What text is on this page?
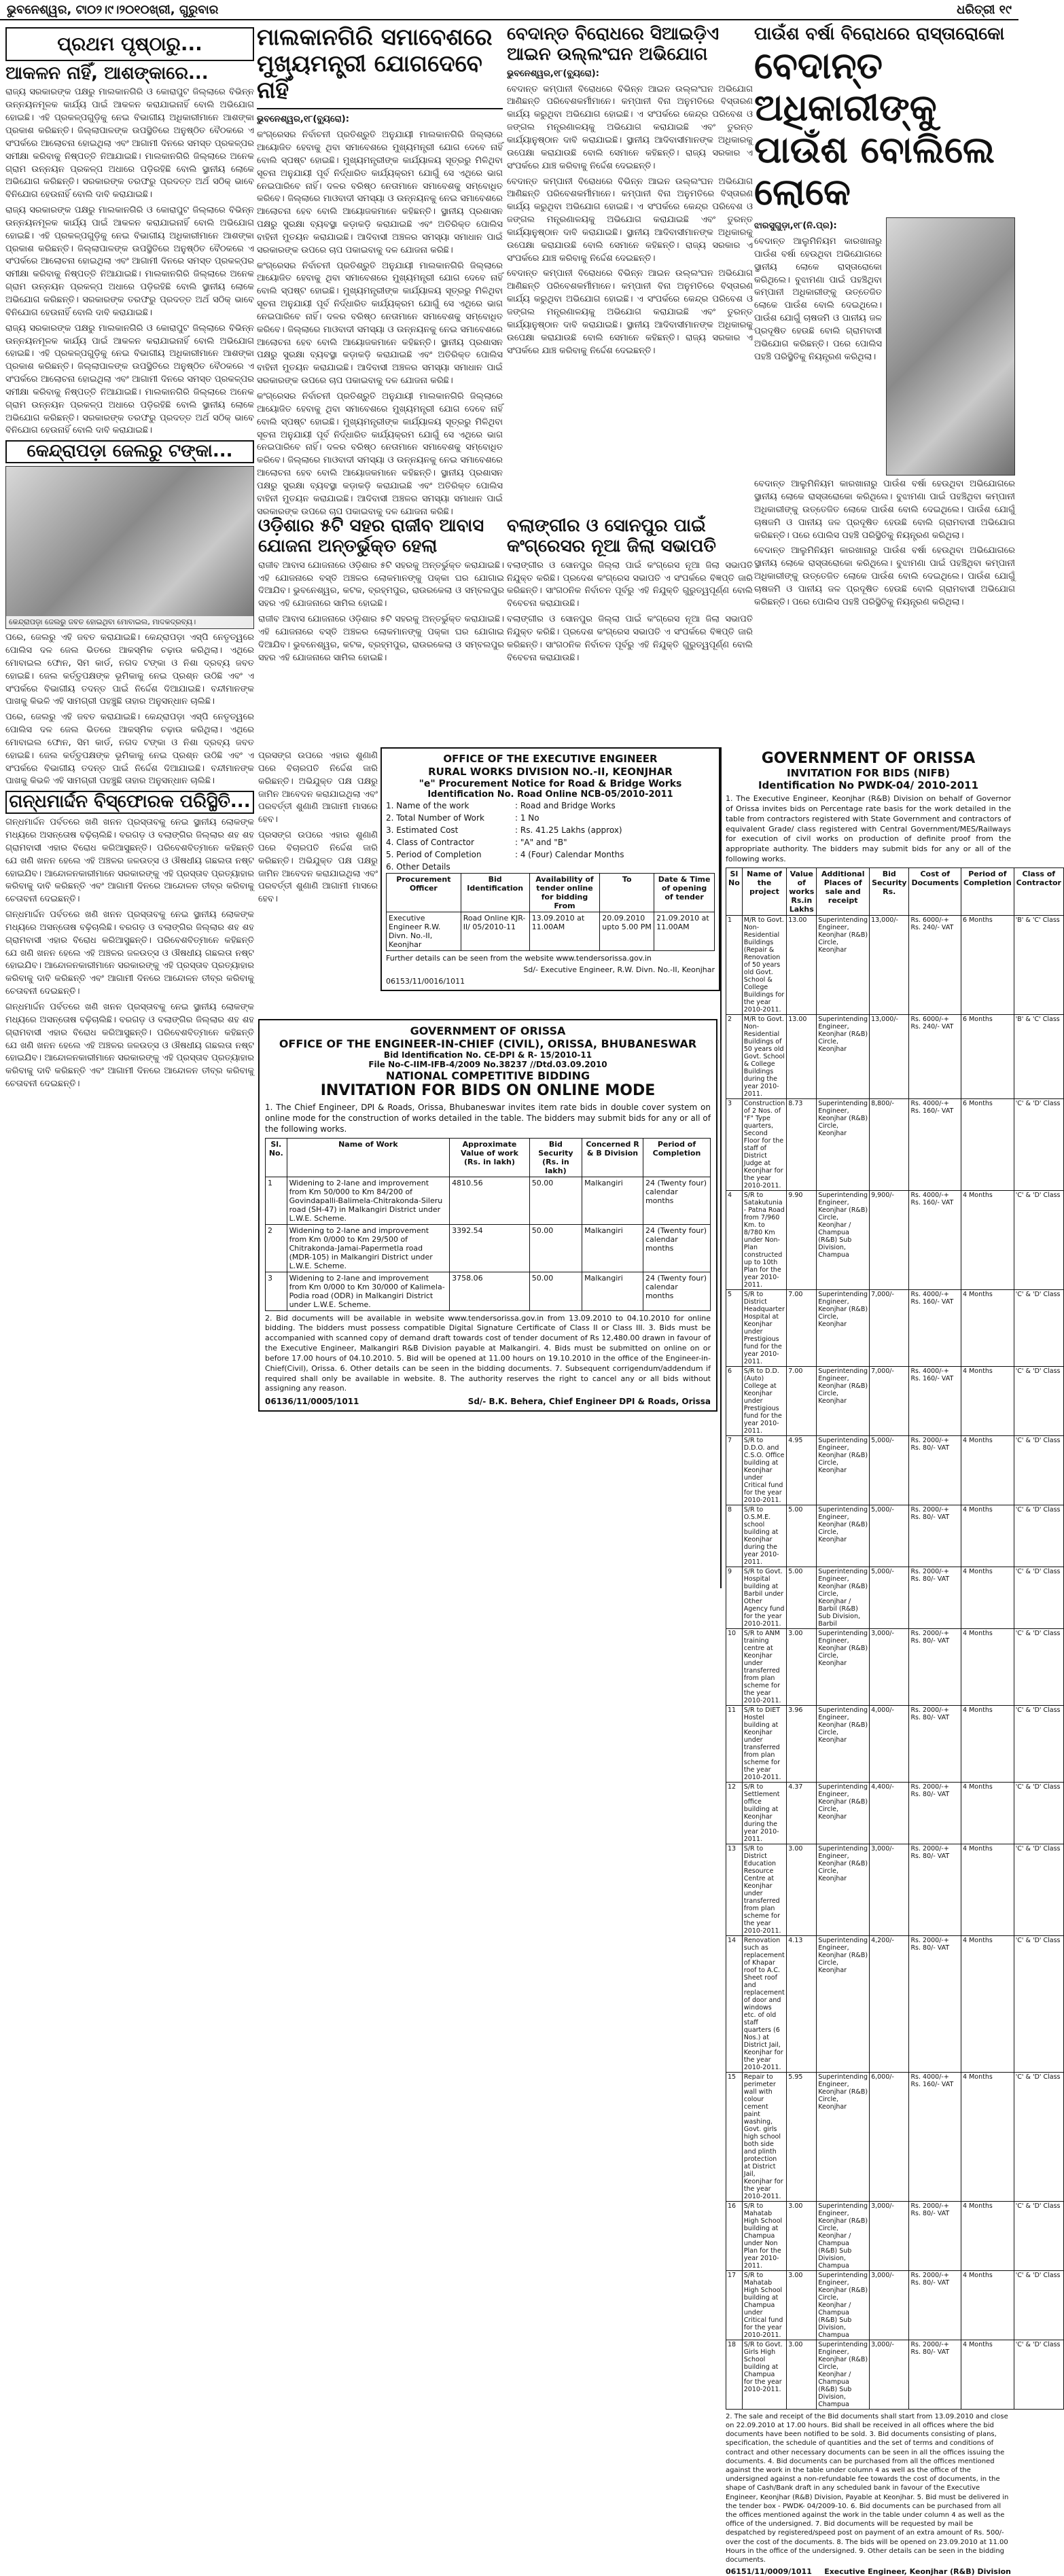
ଭୁବନେଶ୍ୱର, ଟା୦୨।୯।୨୦୧୦ଖ୍ରୀ, ଗୁରୁବାର	ଧରିତ୍ରୀ ୧୯
ପ୍ରଥମ ପୃଷ୍ଠାରୁ...
ଆକଳନ ନାହିଁ, ଆଶଙ୍କାରେ...

ରାଜ୍ୟ ସରକାରଙ୍କ ପକ୍ଷରୁ ମାଲକାନଗିରି ଓ କୋରାପୁଟ ଜିଲ୍ଲାରେ ବିଭିନ୍ନ ଉନ୍ନୟନମୂଳକ କାର୍ଯ୍ୟ ପାଇଁ ଆକଳନ କରାଯାଇନାହିଁ ବୋଲି ଅଭିଯୋଗ ହୋଇଛି। ଏହି ପ୍ରକଳ୍ପଗୁଡ଼ିକୁ ନେଇ ବିଭାଗୀୟ ଅଧିକାରୀମାନେ ଆଶଙ୍କା ପ୍ରକାଶ କରିଛନ୍ତି। ଜିଲ୍ଲାପାଳଙ୍କ ଉପସ୍ଥିତିରେ ଅନୁଷ୍ଠିତ ବୈଠକରେ ଏ ସଂପର୍କରେ ଆଲୋଚନା ହୋଇଥିଲା ଏବଂ ଆଗାମୀ ଦିନରେ ସମସ୍ତ ପ୍ରକଳ୍ପର ସମୀକ୍ଷା କରିବାକୁ ନିଷ୍ପତ୍ତି ନିଆଯାଇଛି। ମାଲକାନଗିରି ଜିଲ୍ଲାରେ ଅନେକ ଗ୍ରାମ ଉନ୍ନୟନ ପ୍ରକଳ୍ପ ଅଧାରେ ପଡ଼ିରହିଛି ବୋଲି ସ୍ଥାନୀୟ ଲୋକେ ଅଭିଯୋଗ କରିଛନ୍ତି। ସରକାରଙ୍କ ତରଫରୁ ପ୍ରଦତ୍ତ ଅର୍ଥ ସଠିକ୍ ଭାବେ ବିନିଯୋଗ ହେଉନାହିଁ ବୋଲି ଦାବି କରାଯାଇଛି।

ରାଜ୍ୟ ସରକାରଙ୍କ ପକ୍ଷରୁ ମାଲକାନଗିରି ଓ କୋରାପୁଟ ଜିଲ୍ଲାରେ ବିଭିନ୍ନ ଉନ୍ନୟନମୂଳକ କାର୍ଯ୍ୟ ପାଇଁ ଆକଳନ କରାଯାଇନାହିଁ ବୋଲି ଅଭିଯୋଗ ହୋଇଛି। ଏହି ପ୍ରକଳ୍ପଗୁଡ଼ିକୁ ନେଇ ବିଭାଗୀୟ ଅଧିକାରୀମାନେ ଆଶଙ୍କା ପ୍ରକାଶ କରିଛନ୍ତି। ଜିଲ୍ଲାପାଳଙ୍କ ଉପସ୍ଥିତିରେ ଅନୁଷ୍ଠିତ ବୈଠକରେ ଏ ସଂପର୍କରେ ଆଲୋଚନା ହୋଇଥିଲା ଏବଂ ଆଗାମୀ ଦିନରେ ସମସ୍ତ ପ୍ରକଳ୍ପର ସମୀକ୍ଷା କରିବାକୁ ନିଷ୍ପତ୍ତି ନିଆଯାଇଛି। ମାଲକାନଗିରି ଜିଲ୍ଲାରେ ଅନେକ ଗ୍ରାମ ଉନ୍ନୟନ ପ୍ରକଳ୍ପ ଅଧାରେ ପଡ଼ିରହିଛି ବୋଲି ସ୍ଥାନୀୟ ଲୋକେ ଅଭିଯୋଗ କରିଛନ୍ତି। ସରକାରଙ୍କ ତରଫରୁ ପ୍ରଦତ୍ତ ଅର୍ଥ ସଠିକ୍ ଭାବେ ବିନିଯୋଗ ହେଉନାହିଁ ବୋଲି ଦାବି କରାଯାଇଛି।

ରାଜ୍ୟ ସରକାରଙ୍କ ପକ୍ଷରୁ ମାଲକାନଗିରି ଓ କୋରାପୁଟ ଜିଲ୍ଲାରେ ବିଭିନ୍ନ ଉନ୍ନୟନମୂଳକ କାର୍ଯ୍ୟ ପାଇଁ ଆକଳନ କରାଯାଇନାହିଁ ବୋଲି ଅଭିଯୋଗ ହୋଇଛି। ଏହି ପ୍ରକଳ୍ପଗୁଡ଼ିକୁ ନେଇ ବିଭାଗୀୟ ଅଧିକାରୀମାନେ ଆଶଙ୍କା ପ୍ରକାଶ କରିଛନ୍ତି। ଜିଲ୍ଲାପାଳଙ୍କ ଉପସ୍ଥିତିରେ ଅନୁଷ୍ଠିତ ବୈଠକରେ ଏ ସଂପର୍କରେ ଆଲୋଚନା ହୋଇଥିଲା ଏବଂ ଆଗାମୀ ଦିନରେ ସମସ୍ତ ପ୍ରକଳ୍ପର ସମୀକ୍ଷା କରିବାକୁ ନିଷ୍ପତ୍ତି ନିଆଯାଇଛି। ମାଲକାନଗିରି ଜିଲ୍ଲାରେ ଅନେକ ଗ୍ରାମ ଉନ୍ନୟନ ପ୍ରକଳ୍ପ ଅଧାରେ ପଡ଼ିରହିଛି ବୋଲି ସ୍ଥାନୀୟ ଲୋକେ ଅଭିଯୋଗ କରିଛନ୍ତି। ସରକାରଙ୍କ ତରଫରୁ ପ୍ରଦତ୍ତ ଅର୍ଥ ସଠିକ୍ ଭାବେ ବିନିଯୋଗ ହେଉନାହିଁ ବୋଲି ଦାବି କରାଯାଇଛି।

କେନ୍ଦ୍ରାପଡ଼ା ଜେଲରୁ ଟଙ୍କା...
କେନ୍ଦ୍ରାପଡ଼ା ଜେଲରୁ ଜବତ ହୋଇଥିବା ମୋବାଇଲ, ମାଦକଦ୍ରବ୍ୟ।

ପରେ, ଜେଲରୁ ଏହି ଜବତ କରାଯାଇଛି। କେନ୍ଦ୍ରାପଡ଼ା ଏସ୍‌ପି ନେତୃତ୍ୱରେ ପୋଲିସ ଦଳ ଜେଲ ଭିତରେ ଆକସ୍ମିକ ଚଢ଼ାଉ କରିଥିଲା। ଏଥିରେ ମୋବାଇଲ ଫୋନ, ସିମ କାର୍ଡ, ନଗଦ ଟଙ୍କା ଓ ନିଶା ଦ୍ରବ୍ୟ ଜବତ ହୋଇଛି। ଜେଲ କର୍ତ୍ତୃପକ୍ଷଙ୍କ ଭୂମିକାକୁ ନେଇ ପ୍ରଶ୍ନ ଉଠିଛି ଏବଂ ଏ ସଂପର୍କରେ ବିଭାଗୀୟ ତଦନ୍ତ ପାଇଁ ନିର୍ଦ୍ଦେଶ ଦିଆଯାଇଛି। ବନ୍ଦୀମାନଙ୍କ ପାଖକୁ କିଭଳି ଏହି ସାମଗ୍ରୀ ପହଞ୍ଚୁଛି ତାହାର ଅନୁସନ୍ଧାନ ଚାଲିଛି।

ପରେ, ଜେଲରୁ ଏହି ଜବତ କରାଯାଇଛି। କେନ୍ଦ୍ରାପଡ଼ା ଏସ୍‌ପି ନେତୃତ୍ୱରେ ପୋଲିସ ଦଳ ଜେଲ ଭିତରେ ଆକସ୍ମିକ ଚଢ଼ାଉ କରିଥିଲା। ଏଥିରେ ମୋବାଇଲ ଫୋନ, ସିମ କାର୍ଡ, ନଗଦ ଟଙ୍କା ଓ ନିଶା ଦ୍ରବ୍ୟ ଜବତ ହୋଇଛି। ଜେଲ କର୍ତ୍ତୃପକ୍ଷଙ୍କ ଭୂମିକାକୁ ନେଇ ପ୍ରଶ୍ନ ଉଠିଛି ଏବଂ ଏ ସଂପର୍କରେ ବିଭାଗୀୟ ତଦନ୍ତ ପାଇଁ ନିର୍ଦ୍ଦେଶ ଦିଆଯାଇଛି। ବନ୍ଦୀମାନଙ୍କ ପାଖକୁ କିଭଳି ଏହି ସାମଗ୍ରୀ ପହଞ୍ଚୁଛି ତାହାର ଅନୁସନ୍ଧାନ ଚାଲିଛି।

ଗନ୍ଧମାର୍ଦ୍ଦନ ବିସ୍ଫୋରକ ପରିସ୍ଥିତି...

ଗନ୍ଧମାର୍ଦ୍ଦନ ପର୍ବତରେ ଖଣି ଖନନ ପ୍ରସ୍ତାବକୁ ନେଇ ସ୍ଥାନୀୟ ଲୋକଙ୍କ ମଧ୍ୟରେ ଅସନ୍ତୋଷ ବଢ଼ିଚାଲିଛି। ବରଗଡ଼ ଓ ବଲାଙ୍ଗିର ଜିଲ୍ଲାର ଶହ ଶହ ଗ୍ରାମବାସୀ ଏହାର ବିରୋଧ କରିଆସୁଛନ୍ତି। ପରିବେଶବିତ୍‌ମାନେ କହିଛନ୍ତି ଯେ ଖଣି ଖନନ ହେଲେ ଏହି ଅଞ୍ଚଳର ଜଳଉତ୍ସ ଓ ଔଷଧୀୟ ଗଛଲତା ନଷ୍ଟ ହୋଇଯିବ। ଆନ୍ଦୋଳନକାରୀମାନେ ସରକାରଙ୍କୁ ଏହି ପ୍ରସ୍ତାବ ପ୍ରତ୍ୟାହାର କରିବାକୁ ଦାବି କରିଛନ୍ତି ଏବଂ ଆଗାମୀ ଦିନରେ ଆନ୍ଦୋଳନ ତୀବ୍ର କରିବାକୁ ଚେତାବନୀ ଦେଇଛନ୍ତି।

ଗନ୍ଧମାର୍ଦ୍ଦନ ପର୍ବତରେ ଖଣି ଖନନ ପ୍ରସ୍ତାବକୁ ନେଇ ସ୍ଥାନୀୟ ଲୋକଙ୍କ ମଧ୍ୟରେ ଅସନ୍ତୋଷ ବଢ଼ିଚାଲିଛି। ବରଗଡ଼ ଓ ବଲାଙ୍ଗିର ଜିଲ୍ଲାର ଶହ ଶହ ଗ୍ରାମବାସୀ ଏହାର ବିରୋଧ କରିଆସୁଛନ୍ତି। ପରିବେଶବିତ୍‌ମାନେ କହିଛନ୍ତି ଯେ ଖଣି ଖନନ ହେଲେ ଏହି ଅଞ୍ଚଳର ଜଳଉତ୍ସ ଓ ଔଷଧୀୟ ଗଛଲତା ନଷ୍ଟ ହୋଇଯିବ। ଆନ୍ଦୋଳନକାରୀମାନେ ସରକାରଙ୍କୁ ଏହି ପ୍ରସ୍ତାବ ପ୍ରତ୍ୟାହାର କରିବାକୁ ଦାବି କରିଛନ୍ତି ଏବଂ ଆଗାମୀ ଦିନରେ ଆନ୍ଦୋଳନ ତୀବ୍ର କରିବାକୁ ଚେତାବନୀ ଦେଇଛନ୍ତି।

ଗନ୍ଧମାର୍ଦ୍ଦନ ପର୍ବତରେ ଖଣି ଖନନ ପ୍ରସ୍ତାବକୁ ନେଇ ସ୍ଥାନୀୟ ଲୋକଙ୍କ ମଧ୍ୟରେ ଅସନ୍ତୋଷ ବଢ଼ିଚାଲିଛି। ବରଗଡ଼ ଓ ବଲାଙ୍ଗିର ଜିଲ୍ଲାର ଶହ ଶହ ଗ୍ରାମବାସୀ ଏହାର ବିରୋଧ କରିଆସୁଛନ୍ତି। ପରିବେଶବିତ୍‌ମାନେ କହିଛନ୍ତି ଯେ ଖଣି ଖନନ ହେଲେ ଏହି ଅଞ୍ଚଳର ଜଳଉତ୍ସ ଓ ଔଷଧୀୟ ଗଛଲତା ନଷ୍ଟ ହୋଇଯିବ। ଆନ୍ଦୋଳନକାରୀମାନେ ସରକାରଙ୍କୁ ଏହି ପ୍ରସ୍ତାବ ପ୍ରତ୍ୟାହାର କରିବାକୁ ଦାବି କରିଛନ୍ତି ଏବଂ ଆଗାମୀ ଦିନରେ ଆନ୍ଦୋଳନ ତୀବ୍ର କରିବାକୁ ଚେତାବନୀ ଦେଇଛନ୍ତି।

ମାଲକାନଗିରି ସମାବେଶରେ ମୁଖ୍ୟମନ୍ତ୍ରୀ ଯୋଗଦେବେ ନାହିଁ

ଭୁବନେଶ୍ୱର,୧୮(ବ୍ୟୁରୋ):

କଂଗ୍ରେସର ନିର୍ବାଚନୀ ପ୍ରତିଶ୍ରୁତି ଅନୁଯାୟୀ ମାଲକାନଗିରି ଜିଲ୍ଲାରେ ଆୟୋଜିତ ହେବାକୁ ଥିବା ସମାବେଶରେ ମୁଖ୍ୟମନ୍ତ୍ରୀ ଯୋଗ ଦେବେ ନାହିଁ ବୋଲି ସ୍ପଷ୍ଟ ହୋଇଛି। ମୁଖ୍ୟମନ୍ତ୍ରୀଙ୍କ କାର୍ଯ୍ୟାଳୟ ସୂତ୍ରରୁ ମିଳିଥିବା ସୂଚନା ଅନୁଯାୟୀ ପୂର୍ବ ନିର୍ଦ୍ଧାରିତ କାର୍ଯ୍ୟକ୍ରମ ଯୋଗୁଁ ସେ ଏଥିରେ ଭାଗ ନେଇପାରିବେ ନାହିଁ। ଦଳର ବରିଷ୍ଠ ନେତାମାନେ ସମାବେଶକୁ ସମ୍ବୋଧିତ କରିବେ। ଜିଲ୍ଲାରେ ମାଓବାଦୀ ସମସ୍ୟା ଓ ଉନ୍ନୟନକୁ ନେଇ ସମାବେଶରେ ଆଲୋଚନା ହେବ ବୋଲି ଆୟୋଜକମାନେ କହିଛନ୍ତି। ସ୍ଥାନୀୟ ପ୍ରଶାସନ ପକ୍ଷରୁ ସୁରକ୍ଷା ବ୍ୟବସ୍ଥା କଡ଼ାକଡ଼ି କରାଯାଇଛି ଏବଂ ଅତିରିକ୍ତ ପୋଲିସ ବାହିନୀ ମୁତୟନ କରାଯାଇଛି। ଆଦିବାସୀ ଅଞ୍ଚଳର ସମସ୍ୟା ସମାଧାନ ପାଇଁ ସରକାରଙ୍କ ଉପରେ ଚାପ ପକାଇବାକୁ ଦଳ ଯୋଜନା କରିଛି।

କଂଗ୍ରେସର ନିର୍ବାଚନୀ ପ୍ରତିଶ୍ରୁତି ଅନୁଯାୟୀ ମାଲକାନଗିରି ଜିଲ୍ଲାରେ ଆୟୋଜିତ ହେବାକୁ ଥିବା ସମାବେଶରେ ମୁଖ୍ୟମନ୍ତ୍ରୀ ଯୋଗ ଦେବେ ନାହିଁ ବୋଲି ସ୍ପଷ୍ଟ ହୋଇଛି। ମୁଖ୍ୟମନ୍ତ୍ରୀଙ୍କ କାର୍ଯ୍ୟାଳୟ ସୂତ୍ରରୁ ମିଳିଥିବା ସୂଚନା ଅନୁଯାୟୀ ପୂର୍ବ ନିର୍ଦ୍ଧାରିତ କାର୍ଯ୍ୟକ୍ରମ ଯୋଗୁଁ ସେ ଏଥିରେ ଭାଗ ନେଇପାରିବେ ନାହିଁ। ଦଳର ବରିଷ୍ଠ ନେତାମାନେ ସମାବେଶକୁ ସମ୍ବୋଧିତ କରିବେ। ଜିଲ୍ଲାରେ ମାଓବାଦୀ ସମସ୍ୟା ଓ ଉନ୍ନୟନକୁ ନେଇ ସମାବେଶରେ ଆଲୋଚନା ହେବ ବୋଲି ଆୟୋଜକମାନେ କହିଛନ୍ତି। ସ୍ଥାନୀୟ ପ୍ରଶାସନ ପକ୍ଷରୁ ସୁରକ୍ଷା ବ୍ୟବସ୍ଥା କଡ଼ାକଡ଼ି କରାଯାଇଛି ଏବଂ ଅତିରିକ୍ତ ପୋଲିସ ବାହିନୀ ମୁତୟନ କରାଯାଇଛି। ଆଦିବାସୀ ଅଞ୍ଚଳର ସମସ୍ୟା ସମାଧାନ ପାଇଁ ସରକାରଙ୍କ ଉପରେ ଚାପ ପକାଇବାକୁ ଦଳ ଯୋଜନା କରିଛି।

କଂଗ୍ରେସର ନିର୍ବାଚନୀ ପ୍ରତିଶ୍ରୁତି ଅନୁଯାୟୀ ମାଲକାନଗିରି ଜିଲ୍ଲାରେ ଆୟୋଜିତ ହେବାକୁ ଥିବା ସମାବେଶରେ ମୁଖ୍ୟମନ୍ତ୍ରୀ ଯୋଗ ଦେବେ ନାହିଁ ବୋଲି ସ୍ପଷ୍ଟ ହୋଇଛି। ମୁଖ୍ୟମନ୍ତ୍ରୀଙ୍କ କାର୍ଯ୍ୟାଳୟ ସୂତ୍ରରୁ ମିଳିଥିବା ସୂଚନା ଅନୁଯାୟୀ ପୂର୍ବ ନିର୍ଦ୍ଧାରିତ କାର୍ଯ୍ୟକ୍ରମ ଯୋଗୁଁ ସେ ଏଥିରେ ଭାଗ ନେଇପାରିବେ ନାହିଁ। ଦଳର ବରିଷ୍ଠ ନେତାମାନେ ସମାବେଶକୁ ସମ୍ବୋଧିତ କରିବେ। ଜିଲ୍ଲାରେ ମାଓବାଦୀ ସମସ୍ୟା ଓ ଉନ୍ନୟନକୁ ନେଇ ସମାବେଶରେ ଆଲୋଚନା ହେବ ବୋଲି ଆୟୋଜକମାନେ କହିଛନ୍ତି। ସ୍ଥାନୀୟ ପ୍ରଶାସନ ପକ୍ଷରୁ ସୁରକ୍ଷା ବ୍ୟବସ୍ଥା କଡ଼ାକଡ଼ି କରାଯାଇଛି ଏବଂ ଅତିରିକ୍ତ ପୋଲିସ ବାହିନୀ ମୁତୟନ କରାଯାଇଛି। ଆଦିବାସୀ ଅଞ୍ଚଳର ସମସ୍ୟା ସମାଧାନ ପାଇଁ ସରକାରଙ୍କ ଉପରେ ଚାପ ପକାଇବାକୁ ଦଳ ଯୋଜନା କରିଛି।

ବେଦାନ୍ତ ବିରୋଧରେ ସିଆଇଡ଼ିଏ ଆଇନ ଉଲ୍ଲଂଘନ ଅଭିଯୋଗ

ଭୁବନେଶ୍ୱର,୧୮(ବ୍ୟୁରୋ):

ବେଦାନ୍ତ କମ୍ପାନୀ ବିରୋଧରେ ବିଭିନ୍ନ ଆଇନ ଉଲ୍ଲଂଘନ ଅଭିଯୋଗ ଆଣିଛନ୍ତି ପରିବେଶକର୍ମୀମାନେ। କମ୍ପାନୀ ବିନା ଅନୁମତିରେ ବିସ୍ତାରଣ କାର୍ଯ୍ୟ କରୁଥିବା ଅଭିଯୋଗ ହୋଇଛି। ଏ ସଂପର୍କରେ କେନ୍ଦ୍ର ପରିବେଶ ଓ ଜଙ୍ଗଲ ମନ୍ତ୍ରଣାଳୟକୁ ଅଭିଯୋଗ କରାଯାଇଛି ଏବଂ ତୁରନ୍ତ କାର୍ଯ୍ୟାନୁଷ୍ଠାନ ଦାବି କରାଯାଇଛି। ସ୍ଥାନୀୟ ଆଦିବାସୀମାନଙ୍କ ଅଧିକାରକୁ ଉପେକ୍ଷା କରାଯାଉଛି ବୋଲି ସେମାନେ କହିଛନ୍ତି। ରାଜ୍ୟ ସରକାର ଏ ସଂପର୍କରେ ଯାଞ୍ଚ କରିବାକୁ ନିର୍ଦ୍ଦେଶ ଦେଇଛନ୍ତି।

ବେଦାନ୍ତ କମ୍ପାନୀ ବିରୋଧରେ ବିଭିନ୍ନ ଆଇନ ଉଲ୍ଲଂଘନ ଅଭିଯୋଗ ଆଣିଛନ୍ତି ପରିବେଶକର୍ମୀମାନେ। କମ୍ପାନୀ ବିନା ଅନୁମତିରେ ବିସ୍ତାରଣ କାର୍ଯ୍ୟ କରୁଥିବା ଅଭିଯୋଗ ହୋଇଛି। ଏ ସଂପର୍କରେ କେନ୍ଦ୍ର ପରିବେଶ ଓ ଜଙ୍ଗଲ ମନ୍ତ୍ରଣାଳୟକୁ ଅଭିଯୋଗ କରାଯାଇଛି ଏବଂ ତୁରନ୍ତ କାର୍ଯ୍ୟାନୁଷ୍ଠାନ ଦାବି କରାଯାଇଛି। ସ୍ଥାନୀୟ ଆଦିବାସୀମାନଙ୍କ ଅଧିକାରକୁ ଉପେକ୍ଷା କରାଯାଉଛି ବୋଲି ସେମାନେ କହିଛନ୍ତି। ରାଜ୍ୟ ସରକାର ଏ ସଂପର୍କରେ ଯାଞ୍ଚ କରିବାକୁ ନିର୍ଦ୍ଦେଶ ଦେଇଛନ୍ତି।

ବେଦାନ୍ତ କମ୍ପାନୀ ବିରୋଧରେ ବିଭିନ୍ନ ଆଇନ ଉଲ୍ଲଂଘନ ଅଭିଯୋଗ ଆଣିଛନ୍ତି ପରିବେଶକର୍ମୀମାନେ। କମ୍ପାନୀ ବିନା ଅନୁମତିରେ ବିସ୍ତାରଣ କାର୍ଯ୍ୟ କରୁଥିବା ଅଭିଯୋଗ ହୋଇଛି। ଏ ସଂପର୍କରେ କେନ୍ଦ୍ର ପରିବେଶ ଓ ଜଙ୍ଗଲ ମନ୍ତ୍ରଣାଳୟକୁ ଅଭିଯୋଗ କରାଯାଇଛି ଏବଂ ତୁରନ୍ତ କାର୍ଯ୍ୟାନୁଷ୍ଠାନ ଦାବି କରାଯାଇଛି। ସ୍ଥାନୀୟ ଆଦିବାସୀମାନଙ୍କ ଅଧିକାରକୁ ଉପେକ୍ଷା କରାଯାଉଛି ବୋଲି ସେମାନେ କହିଛନ୍ତି। ରାଜ୍ୟ ସରକାର ଏ ସଂପର୍କରେ ଯାଞ୍ଚ କରିବାକୁ ନିର୍ଦ୍ଦେଶ ଦେଇଛନ୍ତି।

ପାଉଁଶ ବର୍ଷା ବିରୋଧରେ ରାସ୍ତାରୋକୋ
ବେଦାନ୍ତ ଅଧିକାରୀଙ୍କୁ ପାଉଁଶ ବୋଲିଲେ ଲୋକେ

ଝାରସୁଗୁଡ଼ା,୧୮(ନି.ପ୍ର):

ବେଦାନ୍ତ ଆଲୁମିନିୟମ କାରଖାନାରୁ ପାଉଁଶ ବର୍ଷା ହେଉଥିବା ଅଭିଯୋଗରେ ସ୍ଥାନୀୟ ଲୋକେ ରାସ୍ତାରୋକୋ କରିଥିଲେ। ବୁଝାମଣା ପାଇଁ ପହଞ୍ଚିଥିବା କମ୍ପାନୀ ଅଧିକାରୀଙ୍କୁ ଉତ୍ତେଜିତ ଲୋକେ ପାଉଁଶ ବୋଲି ଦେଇଥିଲେ। ପାଉଁଶ ଯୋଗୁଁ ଚାଷଜମି ଓ ପାନୀୟ ଜଳ ପ୍ରଦୂଷିତ ହେଉଛି ବୋଲି ଗ୍ରାମବାସୀ ଅଭିଯୋଗ କରିଛନ୍ତି। ପରେ ପୋଲିସ ପହଞ୍ଚି ପରିସ୍ଥିତିକୁ ନିୟନ୍ତ୍ରଣ କରିଥିଲା।

ବେଦାନ୍ତ ଆଲୁମିନିୟମ କାରଖାନାରୁ ପାଉଁଶ ବର୍ଷା ହେଉଥିବା ଅଭିଯୋଗରେ ସ୍ଥାନୀୟ ଲୋକେ ରାସ୍ତାରୋକୋ କରିଥିଲେ। ବୁଝାମଣା ପାଇଁ ପହଞ୍ଚିଥିବା କମ୍ପାନୀ ଅଧିକାରୀଙ୍କୁ ଉତ୍ତେଜିତ ଲୋକେ ପାଉଁଶ ବୋଲି ଦେଇଥିଲେ। ପାଉଁଶ ଯୋଗୁଁ ଚାଷଜମି ଓ ପାନୀୟ ଜଳ ପ୍ରଦୂଷିତ ହେଉଛି ବୋଲି ଗ୍ରାମବାସୀ ଅଭିଯୋଗ କରିଛନ୍ତି। ପରେ ପୋଲିସ ପହଞ୍ଚି ପରିସ୍ଥିତିକୁ ନିୟନ୍ତ୍ରଣ କରିଥିଲା।

ବେଦାନ୍ତ ଆଲୁମିନିୟମ କାରଖାନାରୁ ପାଉଁଶ ବର୍ଷା ହେଉଥିବା ଅଭିଯୋଗରେ ସ୍ଥାନୀୟ ଲୋକେ ରାସ୍ତାରୋକୋ କରିଥିଲେ। ବୁଝାମଣା ପାଇଁ ପହଞ୍ଚିଥିବା କମ୍ପାନୀ ଅଧିକାରୀଙ୍କୁ ଉତ୍ତେଜିତ ଲୋକେ ପାଉଁଶ ବୋଲି ଦେଇଥିଲେ। ପାଉଁଶ ଯୋଗୁଁ ଚାଷଜମି ଓ ପାନୀୟ ଜଳ ପ୍ରଦୂଷିତ ହେଉଛି ବୋଲି ଗ୍ରାମବାସୀ ଅଭିଯୋଗ କରିଛନ୍ତି। ପରେ ପୋଲିସ ପହଞ୍ଚି ପରିସ୍ଥିତିକୁ ନିୟନ୍ତ୍ରଣ କରିଥିଲା।

ଓଡ଼ିଶାର ୫ଟି ସହର ରାଜୀବ ଆବାସ ଯୋଜନା ଅନ୍ତର୍ଭୁକ୍ତ ହେଲା

ରାଜୀବ ଆବାସ ଯୋଜନାରେ ଓଡ଼ିଶାର ୫ଟି ସହରକୁ ଅନ୍ତର୍ଭୁକ୍ତ କରାଯାଇଛି। ଏହି ଯୋଜନାରେ ବସ୍ତି ଅଞ୍ଚଳର ଲୋକମାନଙ୍କୁ ପକ୍କା ଘର ଯୋଗାଇ ଦିଆଯିବ। ଭୁବନେଶ୍ୱର, କଟକ, ବ୍ରହ୍ମପୁର, ରାଉରକେଲା ଓ ସମ୍ବଲପୁର ସହର ଏହି ଯୋଜନାରେ ସାମିଲ ହୋଇଛି।

ରାଜୀବ ଆବାସ ଯୋଜନାରେ ଓଡ଼ିଶାର ୫ଟି ସହରକୁ ଅନ୍ତର୍ଭୁକ୍ତ କରାଯାଇଛି। ଏହି ଯୋଜନାରେ ବସ୍ତି ଅଞ୍ଚଳର ଲୋକମାନଙ୍କୁ ପକ୍କା ଘର ଯୋଗାଇ ଦିଆଯିବ। ଭୁବନେଶ୍ୱର, କଟକ, ବ୍ରହ୍ମପୁର, ରାଉରକେଲା ଓ ସମ୍ବଲପୁର ସହର ଏହି ଯୋଜନାରେ ସାମିଲ ହୋଇଛି।

ବଲାଙ୍ଗୀର ଓ ସୋନପୁର ପାଇଁ କଂଗ୍ରେସର ନୂଆ ଜିଲା ସଭାପତି

ବଲାଙ୍ଗୀର ଓ ସୋନପୁର ଜିଲ୍ଲା ପାଇଁ କଂଗ୍ରେସ ନୂଆ ଜିଲା ସଭାପତି ନିଯୁକ୍ତ କରିଛି। ପ୍ରଦେଶ କଂଗ୍ରେସ ସଭାପତି ଏ ସଂପର୍କରେ ବିଜ୍ଞପ୍ତି ଜାରି କରିଛନ୍ତି। ସାଂଗଠନିକ ନିର୍ବାଚନ ପୂର୍ବରୁ ଏହି ନିଯୁକ୍ତି ଗୁରୁତ୍ୱପୂର୍ଣ୍ଣ ବୋଲି ବିବେଚନା କରାଯାଉଛି।

ବଲାଙ୍ଗୀର ଓ ସୋନପୁର ଜିଲ୍ଲା ପାଇଁ କଂଗ୍ରେସ ନୂଆ ଜିଲା ସଭାପତି ନିଯୁକ୍ତ କରିଛି। ପ୍ରଦେଶ କଂଗ୍ରେସ ସଭାପତି ଏ ସଂପର୍କରେ ବିଜ୍ଞପ୍ତି ଜାରି କରିଛନ୍ତି। ସାଂଗଠନିକ ନିର୍ବାଚନ ପୂର୍ବରୁ ଏହି ନିଯୁକ୍ତି ଗୁରୁତ୍ୱପୂର୍ଣ୍ଣ ବୋଲି ବିବେଚନା କରାଯାଉଛି।

ପ୍ରସଙ୍ଗ ଉପରେ ଏହାର ଶୁଣାଣି ପରେ ବିଚାରପତି ନିର୍ଦ୍ଦେଶ ଜାରି କରିଛନ୍ତି। ଅଭିଯୁକ୍ତ ପକ୍ଷ ପକ୍ଷରୁ ଜାମିନ ଆବେଦନ କରାଯାଇଥିଲା ଏବଂ ପରବର୍ତ୍ତୀ ଶୁଣାଣି ଆଗାମୀ ମାସରେ ହେବ।

ପ୍ରସଙ୍ଗ ଉପରେ ଏହାର ଶୁଣାଣି ପରେ ବିଚାରପତି ନିର୍ଦ୍ଦେଶ ଜାରି କରିଛନ୍ତି। ଅଭିଯୁକ୍ତ ପକ୍ଷ ପକ୍ଷରୁ ଜାମିନ ଆବେଦନ କରାଯାଇଥିଲା ଏବଂ ପରବର୍ତ୍ତୀ ଶୁଣାଣି ଆଗାମୀ ମାସରେ ହେବ।

OFFICE OF THE EXECUTIVE ENGINEER
RURAL WORKS DIVISION NO.-II, KEONJHAR
"e" Procurement Notice for Road & Bridge Works
Identification No. Road Online NCB-05/2010-2011
1. Name of the work	: Road and Bridge Works
2. Total Number of Work	: 1 No
3. Estimated Cost	: Rs. 41.25 Lakhs (approx)
4. Class of Contractor	: "A" and "B"
5. Period of Completion	: 4 (Four) Calendar Months
6. Other Details
Procurement Officer	Bid Identification	Availability of tender online for bidding From	To	Date & Time of opening of tender
Executive Engineer R.W. Divn. No.-II, Keonjhar	Road Online KJR-II/ 05/2010-11	13.09.2010 at 11.00AM	20.09.2010 upto 5.00 PM	21.09.2010 at 11.00AM
Further details can be seen from the website www.tendersorissa.gov.in
Sd/- Executive Engineer, R.W. Divn. No.-II, Keonjhar
06153/11/0016/1011
GOVERNMENT OF ORISSA
OFFICE OF THE ENGINEER-IN-CHIEF (CIVIL), ORISSA, BHUBANESWAR
Bid Identification No. CE-DPI & R- 15/2010-11
File No-C-IIM-IFB-4/2009 No.38237 //Dtd.03.09.2010
NATIONAL COMPETITIVE BIDDING
INVITATION FOR BIDS ON ONLINE MODE
1. The Chief Engineer, DPI & Roads, Orissa, Bhubaneswar invites item rate bids in double cover system on online mode for the construction of works detailed in the table. The bidders may submit bids for any or all of the following works.
Sl. No.	Name of Work	Approximate Value of work (Rs. in lakh)	Bid Security (Rs. in lakh)	Concerned R & B Division	Period of Completion
1	Widening to 2-lane and improvement from Km 50/000 to Km 84/200 of Govindapalli-Balimela-Chitrakonda-Sileru road (SH-47) in Malkangiri District under L.W.E. Scheme.	4810.56	50.00	Malkangiri	24 (Twenty four) calendar months
2	Widening to 2-lane and improvement from Km 0/000 to Km 29/500 of Chitrakonda-Jamai-Papermetla road (MDR-105) in Malkangiri District under L.W.E. Scheme.	3392.54	50.00	Malkangiri	24 (Twenty four) calendar months
3	Widening to 2-lane and improvement from Km 0/000 to Km 30/000 of Kalimela-Podia road (ODR) in Malkangiri District under L.W.E. Scheme.	3758.06	50.00	Malkangiri	24 (Twenty four) calendar months
2. Bid documents will be available in website www.tendersorissa.gov.in from 13.09.2010 to 04.10.2010 for online bidding. The bidders must possess compatible Digital Signature Certificate of Class II or Class III. 3. Bids must be accompanied with scanned copy of demand draft towards cost of tender document of Rs 12,480.00 drawn in favour of the Executive Engineer, Malkangiri R&B Division payable at Malkangiri. 4. Bids must be submitted on online on or before 17.00 hours of 04.10.2010. 5. Bid will be opened at 11.00 hours on 19.10.2010 in the office of the Engineer-in-Chief(Civil), Orissa. 6. Other details can be seen in the bidding documents. 7. Subsequent corrigendum/addendum if required shall only be available in website. 8. The authority reserves the right to cancel any or all bids without assigning any reason.
06136/11/0005/1011	Sd/- B.K. Behera, Chief Engineer DPI & Roads, Orissa
GOVERNMENT OF ORISSA
INVITATION FOR BIDS (NIFB)
Identification No PWDK-04/ 2010-2011
1. The Executive Engineer, Keonjhar (R&B) Division on behalf of Governor of Orissa invites bids on Percentage rate basis for the work detailed in the table from contractors registered with State Government and contractors of equivalent Grade/ class registered with Central Government/MES/Railways for execution of civil works on production of definite proof from the appropriate authority. The bidders may submit bids for any or all of the following works.
Sl No	Name of the project	Value of works Rs.in Lakhs	Additional Places of sale and receipt	Bid Security Rs.	Cost of Documents	Period of Completion	Class of Contractor
1	M/R to Govt. Non-Residential Buildings (Repair & Renovation of 50 years old Govt. School & College Buildings for the year 2010-2011.	13.00	Superintending Engineer, Keonjhar (R&B) Circle, Keonjhar	13,000/-	Rs. 6000/-+ Rs. 240/- VAT	6 Months	'B' & 'C' Class
2	M/R to Govt. Non-Residential Buildings of 50 years old Govt. School & College Buildings during the year 2010-2011.	13.00	Superintending Engineer, Keonjhar (R&B) Circle, Keonjhar	13,000/-	Rs. 6000/-+ Rs. 240/- VAT	6 Months	'B' & 'C' Class
3	Construction of 2 Nos. of "F" Type quarters, Second Floor for the staff of District Judge at Keonjhar for the year 2010-2011.	8.73	Superintending Engineer, Keonjhar (R&B) Circle, Keonjhar	8,800/-	Rs. 4000/-+ Rs. 160/- VAT	6 Months	'C' & 'D' Class
4	S/R to Satakutunia - Patna Road from 7/960 Km. to 8/780 Km under Non-Plan constructed up to 10th Plan for the year 2010-2011.	9.90	Superintending Engineer, Keonjhar (R&B) Circle, Keonjhar / Champua (R&B) Sub Division, Champua	9,900/-	Rs. 4000/-+ Rs. 160/- VAT	4 Months	'C' & 'D' Class
5	S/R to District Headquarter Hospital at Keonjhar under Prestigious fund for the year 2010-2011.	7.00	Superintending Engineer, Keonjhar (R&B) Circle, Keonjhar	7,000/-	Rs. 4000/-+ Rs. 160/- VAT	4 Months	'C' & 'D' Class
6	S/R to D.D. (Auto) College at Keonjhar under Prestigious fund for the year 2010-2011.	7.00	Superintending Engineer, Keonjhar (R&B) Circle, Keonjhar	7,000/-	Rs. 4000/-+ Rs. 160/- VAT	4 Months	'C' & 'D' Class
7	S/R to D.D.O. and C.S.O. Office building at Keonjhar under Critical fund for the year 2010-2011.	4.95	Superintending Engineer, Keonjhar (R&B) Circle, Keonjhar	5,000/-	Rs. 2000/-+ Rs. 80/- VAT	4 Months	'C' & 'D' Class
8	S/R to O.S.M.E. school building at Keonjhar during the year 2010-2011.	5.00	Superintending Engineer, Keonjhar (R&B) Circle, Keonjhar	5,000/-	Rs. 2000/-+ Rs. 80/- VAT	4 Months	'C' & 'D' Class
9	S/R to Govt. Hospital building at Barbil under Other Agency fund for the year 2010-2011.	5.00	Superintending Engineer, Keonjhar (R&B) Circle, Keonjhar / Barbil (R&B) Sub Division, Barbil	5,000/-	Rs. 2000/-+ Rs. 80/- VAT	4 Months	'C' & 'D' Class
10	S/R to ANM training centre at Keonjhar under transferred from plan scheme for the year 2010-2011.	3.00	Superintending Engineer, Keonjhar (R&B) Circle, Keonjhar	3,000/-	Rs. 2000/-+ Rs. 80/- VAT	4 Months	'C' & 'D' Class
11	S/R to DIET Hostel building at Keonjhar under transferred from plan scheme for the year 2010-2011.	3.96	Superintending Engineer, Keonjhar (R&B) Circle, Keonjhar	4,000/-	Rs. 2000/-+ Rs. 80/- VAT	4 Months	'C' & 'D' Class
12	S/R to Settlement office building at Keonjhar during the year 2010-2011.	4.37	Superintending Engineer, Keonjhar (R&B) Circle, Keonjhar	4,400/-	Rs. 2000/-+ Rs. 80/- VAT	4 Months	'C' & 'D' Class
13	S/R to District Education Resource Centre at Keonjhar under transferred from plan scheme for the year 2010-2011.	3.00	Superintending Engineer, Keonjhar (R&B) Circle, Keonjhar	3,000/-	Rs. 2000/-+ Rs. 80/- VAT	4 Months	'C' & 'D' Class
14	Renovation such as replacement of Khapar roof to A.C. Sheet roof and replacement of door and windows etc. of old staff quarters (6 Nos.) at District Jail, Keonjhar for the year 2010-2011.	4.13	Superintending Engineer, Keonjhar (R&B) Circle, Keonjhar	4,200/-	Rs. 2000/-+ Rs. 80/- VAT	4 Months	'C' & 'D' Class
15	Repair to perimeter wall with colour cement paint washing, Govt. girls high school both side and plinth protection at District Jail, Keonjhar for the year 2010-2011.	5.95	Superintending Engineer, Keonjhar (R&B) Circle, Keonjhar	6,000/-	Rs. 4000/-+ Rs. 160/- VAT	4 Months	'C' & 'D' Class
16	S/R to Mahatab High School building at Champua under Non Plan for the year 2010-2011.	3.00	Superintending Engineer, Keonjhar (R&B) Circle, Keonjhar / Champua (R&B) Sub Division, Champua	3,000/-	Rs. 2000/-+ Rs. 80/- VAT	4 Months	'C' & 'D' Class
17	S/R to Mahatab High School building at Champua under Critical fund for the year 2010-2011.	3.00	Superintending Engineer, Keonjhar (R&B) Circle, Keonjhar / Champua (R&B) Sub Division, Champua	3,000/-	Rs. 2000/-+ Rs. 80/- VAT	4 Months	'C' & 'D' Class
18	S/R to Govt. Girls High School building at Champua for the year 2010-2011.	3.00	Superintending Engineer, Keonjhar (R&B) Circle, Keonjhar / Champua (R&B) Sub Division, Champua	3,000/-	Rs. 2000/-+ Rs. 80/- VAT	4 Months	'C' & 'D' Class
2. The sale and receipt of the Bid documents shall start from 13.09.2010 and close on 22.09.2010 at 17.00 hours. Bid shall be received in all offices where the bid documents have been notified to be sold. 3. Bid documents consisting of plans, specification, the schedule of quantities and the set of terms and conditions of contract and other necessary documents can be seen in all the offices issuing the documents. 4. Bid documents can be purchased from all the offices mentioned against the work in the table under column 4 as well as the office of the undersigned against a non-refundable fee towards the cost of documents, in the shape of Cash/Bank draft in any scheduled bank in favour of the Executive Engineer, Keonjhar (R&B) Division, Payable at Keonjhar. 5. Bid must be delivered in the tender box - PWDK- 04/2009-10. 6. Bid documents can be purchased from all the offices mentioned against the work in the table under column 4 as well as the office of the undersigned. 7. Bid documents will be requested by mail be despatched by registered/speed post on payment of an extra amount of Rs. 500/- over the cost of the documents. 8. The bids will be opened on 23.09.2010 at 11.00 Hours in the office of the undersigned. 9. Other details can be seen in the bidding documents.
06151/11/0009/1011 Executive Engineer, Keonjhar (R&B) Division
